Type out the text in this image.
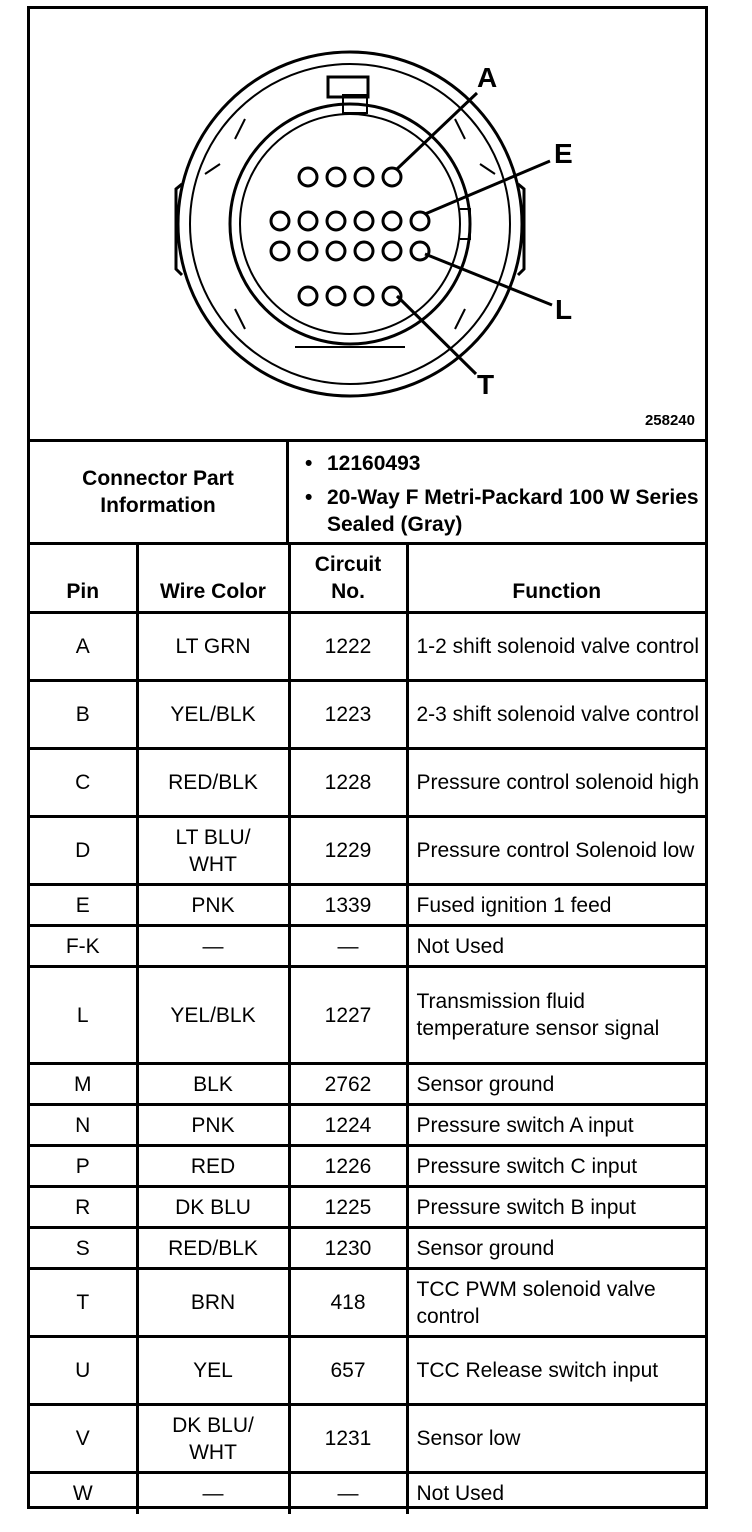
A
E
L
T
258240
Connector Part Information
• 12160493
• 20-Way F Metri-Packard 100 W Series Sealed (Gray)
Pin	Wire Color	Circuit No.	Function
A	LT GRN	1222	1-2 shift solenoid valve control
B	YEL/BLK	1223	2-3 shift solenoid valve control
C	RED/BLK	1228	Pressure control solenoid high
D	LT BLU/ WHT	1229	Pressure control Solenoid low
E	PNK	1339	Fused ignition 1 feed
F-K	—	—	Not Used
L	YEL/BLK	1227	Transmission fluid temperature sensor signal
M	BLK	2762	Sensor ground
N	PNK	1224	Pressure switch A input
P	RED	1226	Pressure switch C input
R	DK BLU	1225	Pressure switch B input
S	RED/BLK	1230	Sensor ground
T	BRN	418	TCC PWM solenoid valve control
U	YEL	657	TCC Release switch input
V	DK BLU/ WHT	1231	Sensor low
W	—	—	Not Used
